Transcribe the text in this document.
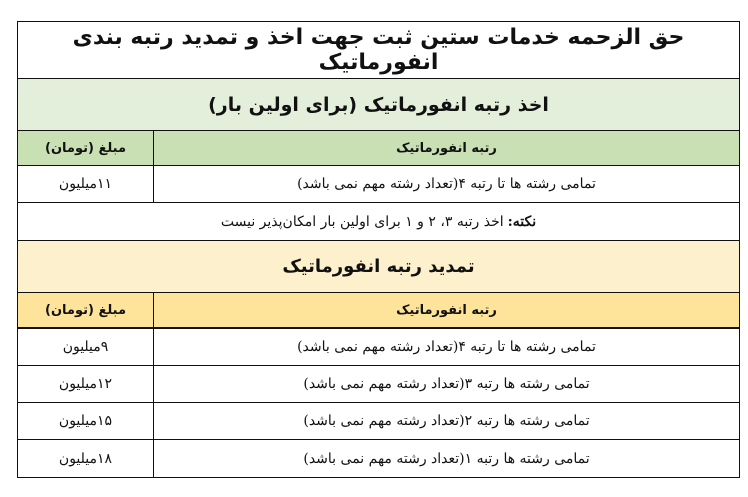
حق الزحمه خدمات ستین ثبت جهت اخذ و تمدید رتبه بندی انفورماتیک
اخذ رتبه انفورماتیک (برای اولین بار)
رتبه انفورماتیک
مبلغ (تومان)
تمامی رشته ها تا رتبه ۴(تعداد رشته مهم نمی باشد)
۱۱میلیون
نکته:
اخذ رتبه ۳، ۲ و ۱ برای اولین بار امکان‌پذیر نیست
تمدید رتبه انفورماتیک
رتبه انفورماتیک
مبلغ (تومان)
تمامی رشته ها تا رتبه ۴(تعداد رشته مهم نمی باشد)
۹میلیون
تمامی رشته ها رتبه ۳(تعداد رشته مهم نمی باشد)
۱۲میلیون
تمامی رشته ها رتبه ۲(تعداد رشته مهم نمی باشد)
۱۵میلیون
تمامی رشته ها رتبه ۱(تعداد رشته مهم نمی باشد)
۱۸میلیون
